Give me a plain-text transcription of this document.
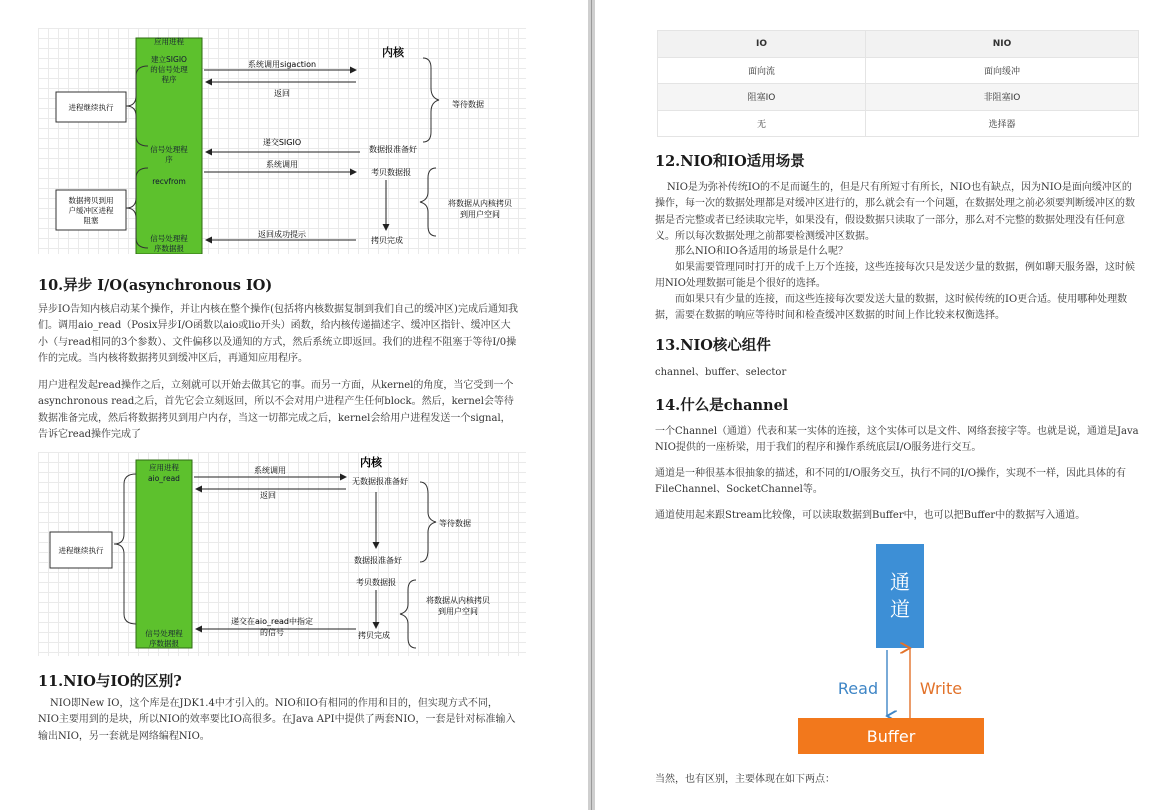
应用进程
建立SIGIO
的信号处理
程序
信号处理程
序
recvfrom
信号处理程
序数据报
内核
系统调用sigaction
返回
进程继续执行	等待数据
递交SIGIO
数据报准备好
系统调用
考贝数据报
将数据从内核拷贝
到用户空间
数据拷贝到用
户缓冲区进程
阻塞
返回成功提示
拷贝完成
10.异步 I/O(asynchronous IO)
异步IO告知内核启动某个操作，并让内核在整个操作(包括将内核数据复制到我们自己的缓冲区)完成后通知我们。调用aio_read（Posix异步I/O函数以aio或lio开头）函数，给内核传递描述字、缓冲区指针、缓冲区大小（与read相同的3个参数）、文件偏移以及通知的方式，然后系统立即返回。我们的进程不阻塞于等待I/0操作的完成。当内核将数据拷贝到缓冲区后，再通知应用程序。
用户进程发起read操作之后，立刻就可以开始去做其它的事。而另一方面，从kernel的角度，当它受到一个asynchronous read之后，首先它会立刻返回，所以不会对用户进程产生任何block。然后，kernel会等待数据准备完成，然后将数据拷贝到用户内存，当这一切都完成之后，kernel会给用户进程发送一个signal，告诉它read操作完成了
应用进程
aio_read
信号处理程
序数据报
内核
系统调用
无数据报准备好
返回
等待数据
进程继续执行
数据报准备好
考贝数据报
将数据从内核拷贝
到用户空间
递交在aio_read中指定
的信号	拷贝完成
11.NIO与IO的区别?
NIO即New IO，这个库是在JDK1.4中才引入的。NIO和IO有相同的作用和目的，但实现方式不同，NIO主要用到的是块，所以NIO的效率要比IO高很多。在Java API中提供了两套NIO，一套是针对标准输入输出NIO，另一套就是网络编程NIO。
IO	NIO
面向流	面向缓冲
阻塞IO	非阻塞IO
无	选择器
12.NIO和IO适用场景
NIO是为弥补传统IO的不足而诞生的，但是尺有所短寸有所长，NIO也有缺点，因为NIO是面向缓冲区的操作，每一次的数据处理都是对缓冲区进行的，那么就会有一个问题，在数据处理之前必须要判断缓冲区的数据是否完整或者已经读取完毕，如果没有，假设数据只读取了一部分，那么对不完整的数据处理没有任何意义。所以每次数据处理之前都要检测缓冲区数据。
那么NIO和IO各适用的场景是什么呢？
如果需要管理同时打开的成千上万个连接，这些连接每次只是发送少量的数据，例如聊天服务器，这时候用NIO处理数据可能是个很好的选择。
而如果只有少量的连接，而这些连接每次要发送大量的数据，这时候传统的IO更合适。使用哪种处理数据，需要在数据的响应等待时间和检查缓冲区数据的时间上作比较来权衡选择。
13.NIO核心组件
channel、buffer、selector
14.什么是channel
一个Channel（通道）代表和某一实体的连接，这个实体可以是文件、网络套接字等。也就是说，通道是Java NIO提供的一座桥梁，用于我们的程序和操作系统底层I/O服务进行交互。
通道是一种很基本很抽象的描述，和不同的I/O服务交互，执行不同的I/O操作，实现不一样，因此具体的有FileChannel、SocketChannel等。
通道使用起来跟Stream比较像，可以读取数据到Buffer中，也可以把Buffer中的数据写入通道。
通
道
Read	Write
Buffer
当然，也有区别，主要体现在如下两点：
